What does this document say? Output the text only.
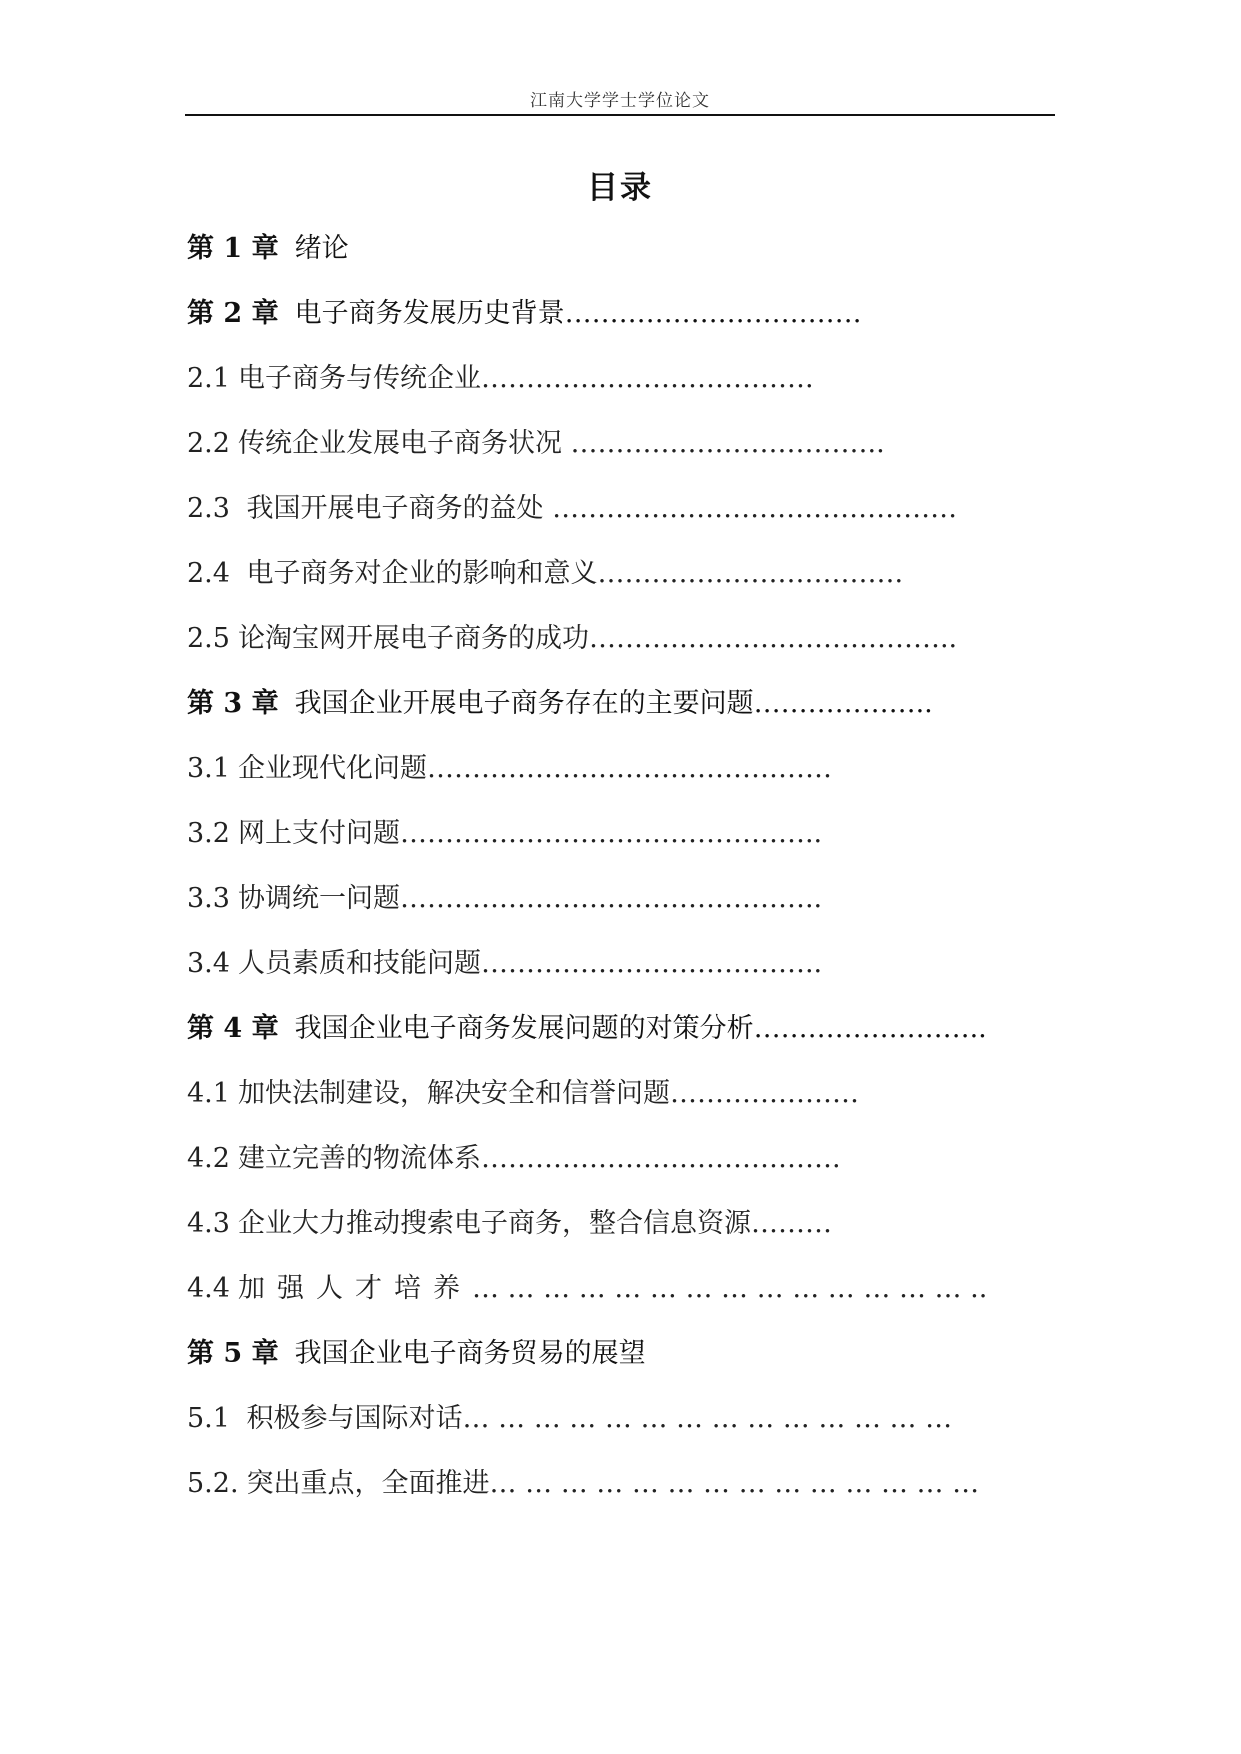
江南大学学士学位论文
目录
第 1 章 绪论
第 2 章 电子商务发展历史背景……………………………
2.1 电子商务与传统企业……………………………….
2.2 传统企业发展电子商务状况 ……………………………..
2.3 我国开展电子商务的益处 ………………………………………
2.4 电子商务对企业的影响和意义…………………………….
2.5 论淘宝网开展电子商务的成功…………………………………..
第 3 章 我国企业开展电子商务存在的主要问题………………..
3.1 企业现代化问题………………………………………
3.2 网上支付问题………………………………………..
3.3 协调统一问题………………………………………..
3.4 人员素质和技能问题………………………………..
第 4 章 我国企业电子商务发展问题的对策分析……………………..
4.1 加快法制建设，解决安全和信誉问题…………………
4.2 建立完善的物流体系………………………………….
4.3 企业大力推动搜索电子商务，整合信息资源………
4.4 加强人才培养… … … … … … … … … … … … … … ..
第 5 章 我国企业电子商务贸易的展望
5.1 积极参与国际对话… … … … … … … … … … … … … …
5.2. 突出重点，全面推进… … … … … … … … … … … … … …
